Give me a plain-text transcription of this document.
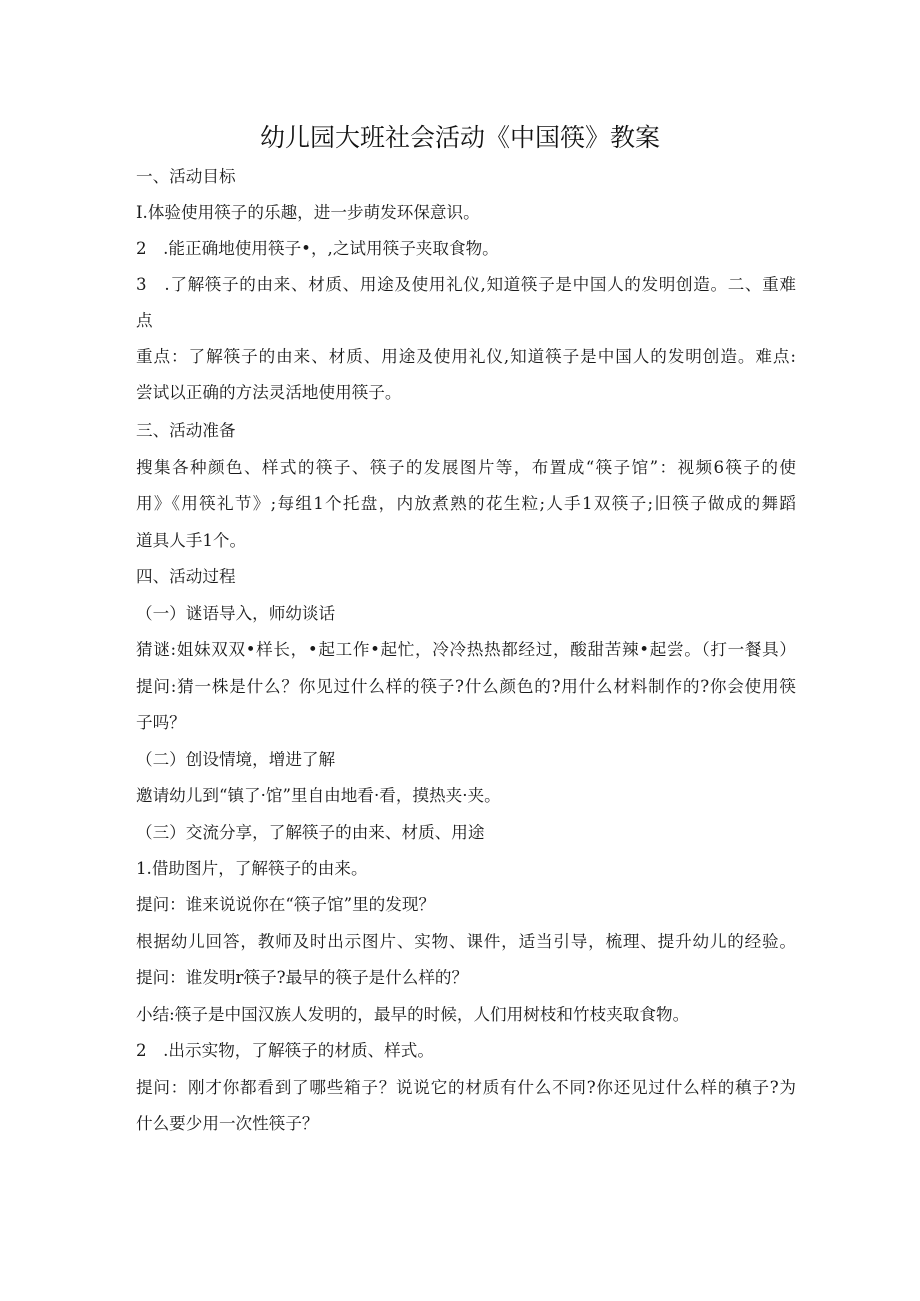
幼儿园大班社会活动《中国筷》教案
一、活动目标
I.体验使用筷子的乐趣，进一步萌发环保意识。
2　.能正确地使用筷子•，,之试用筷子夹取食物。
3　.了解筷子的由来、材质、用途及使用礼仪,知道筷子是中国人的发明创造。二、重难
点
重点：了解筷子的由来、材质、用途及使用礼仪,知道筷子是中国人的发明创造。难点:
尝试以正确的方法灵活地使用筷子。
三、活动准备
搜集各种颜色、样式的筷子、筷子的发展图片等，布置成“筷子馆”：视频6筷子的使
用》《用筷礼节》;每组1个托盘，内放煮熟的花生粒;人手1双筷子;旧筷子做成的舞蹈
道具人手1个。
四、活动过程
（一）谜语导入，师幼谈话
猜谜:姐妹双双•样长，•起工作•起忙，冷冷热热都经过，酸甜苦辣•起尝。（打一餐具）
提问:猜一株是什么？你见过什么样的筷子?什么颜色的?用什么材料制作的?你会使用筷
子吗？
（二）创设情境，增进了解
邀请幼儿到“镇了·馆”里自由地看·看，摸热夹·夹。
（三）交流分享，了解筷子的由来、材质、用途
1.借助图片，了解筷子的由来。
提问：谁来说说你在“筷子馆”里的发现？
根据幼儿回答，教师及时出示图片、实物、课件，适当引导，梳理、提升幼儿的经验。
提问：谁发明r筷子?最早的筷子是什么样的？
小结:筷子是中国汉族人发明的，最早的时候，人们用树枝和竹枝夹取食物。
2　.出示实物，了解筷子的材质、样式。
提问：刚才你都看到了哪些箱子？说说它的材质有什么不同?你还见过什么样的稹子?为
什么要少用一次性筷子？
